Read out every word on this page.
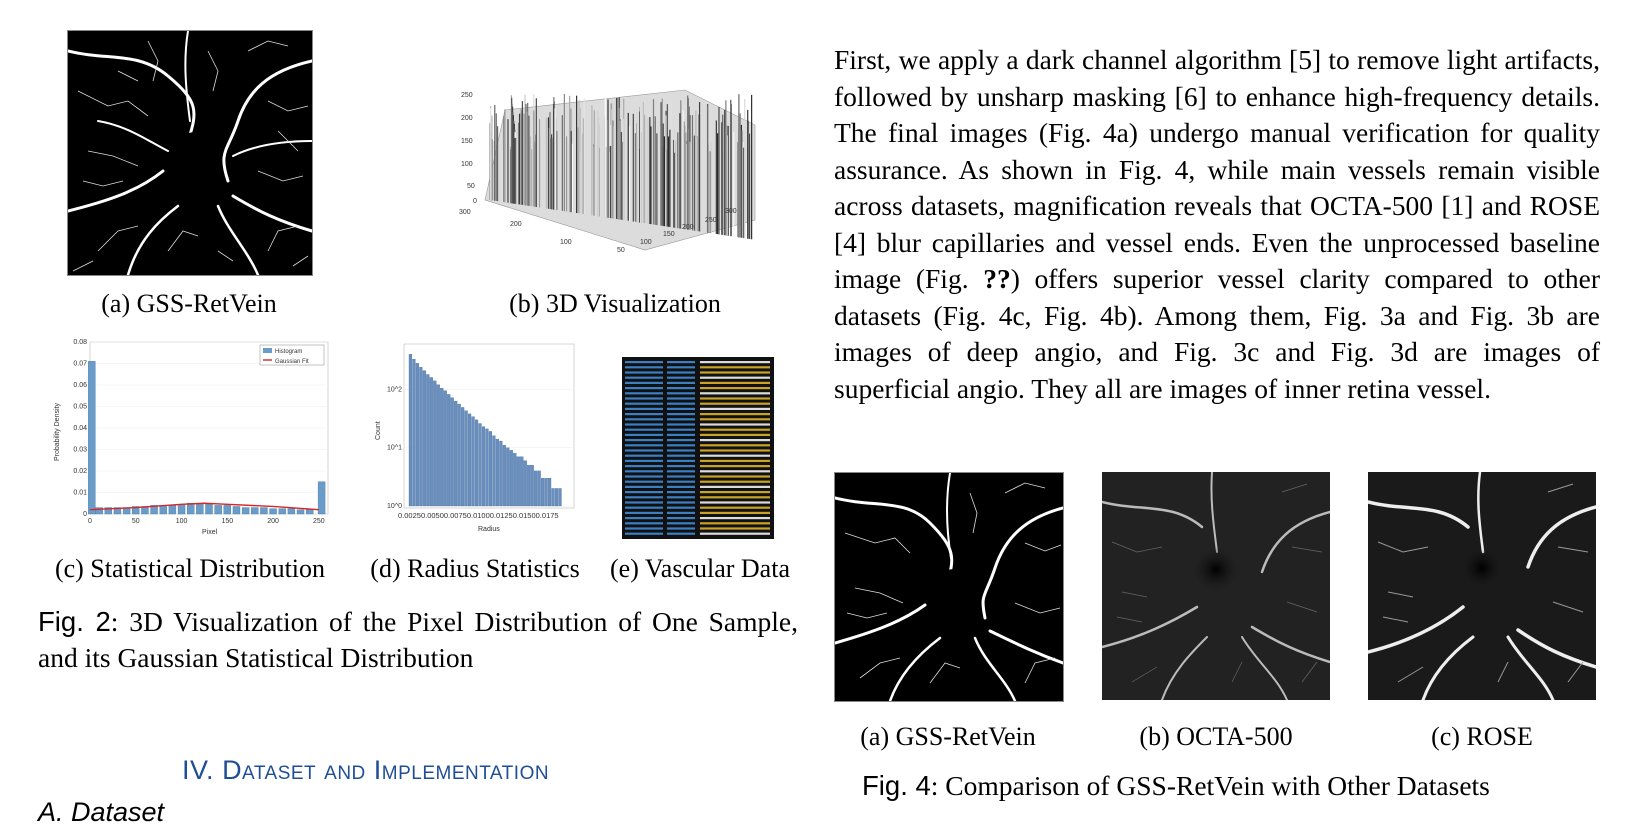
(a) GSS-RetVein
250
200
150
100
50
0
300
200
100
50
100
150
200
250
300
(b) 3D Visualization
0
0.01
0.02
0.03
0.04
0.05
0.06
0.07
0.08
0	50	100	150	200	250
Pixel
Probability Density
Histogram
Gaussian Fit
(c) Statistical Distribution
10^0
10^1
10^2
0.00250.00500.00750.01000.01250.01500.0175
Radius
Count
(d) Radius Statistics	(e) Vascular Data
Fig. 2: 3D Visualization of the Pixel Distribution of One Sample, and its Gaussian Statistical Distribution
IV. Dataset and Implementation
A. Dataset
First, we apply a dark channel algorithm [5] to remove light artifacts, followed by unsharp masking [6] to enhance high-frequency details. The final images (Fig. 4a) undergo manual verification for quality assurance. As shown in Fig. 4, while main vessels remain visible across datasets, magnification reveals that OCTA-500 [1] and ROSE [4] blur capillaries and vessel ends. Even the unprocessed baseline image (Fig. ??) offers superior vessel clarity compared to other datasets (Fig. 4c, Fig. 4b). Among them, Fig. 3a and Fig. 3b are images of deep angio, and Fig. 3c and Fig. 3d are images of superficial angio. They all are images of inner retina vessel.
(a) GSS-RetVein	(b) OCTA-500	(c) ROSE
Fig. 4: Comparison of GSS-RetVein with Other Datasets
